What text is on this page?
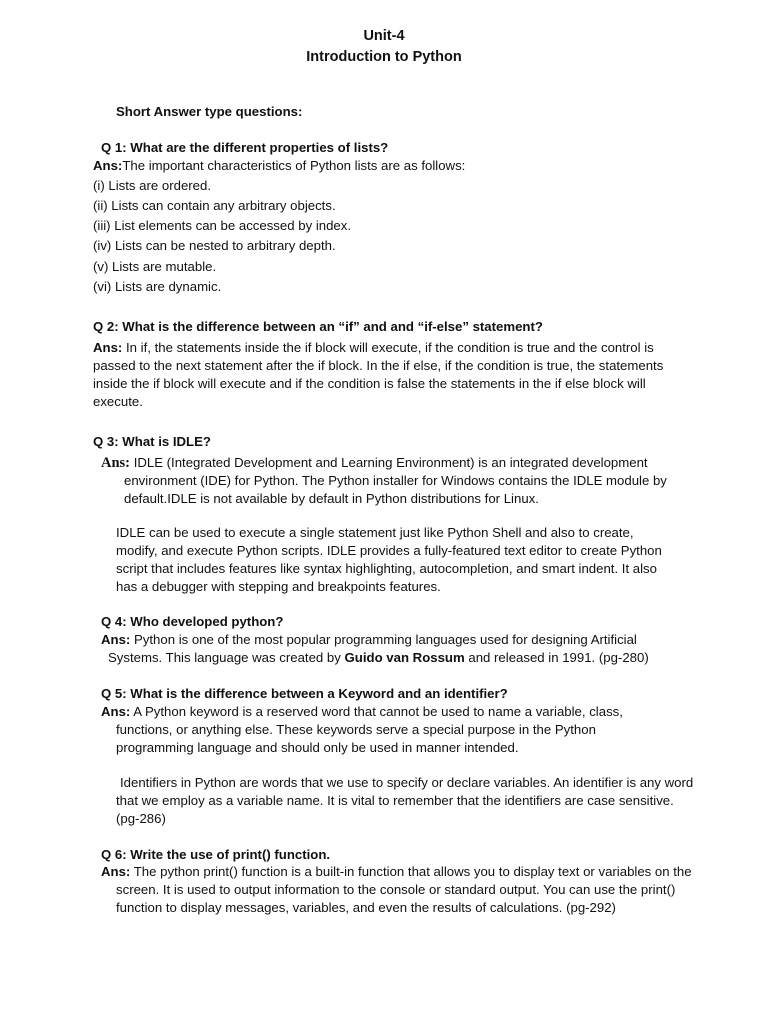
Unit-4
Introduction to Python
Short Answer type questions:
Q 1: What are the different properties of lists?
Ans:The important characteristics of Python lists are as follows:
(i) Lists are ordered.
(ii) Lists can contain any arbitrary objects.
(iii) List elements can be accessed by index.
(iv) Lists can be nested to arbitrary depth.
(v) Lists are mutable.
(vi) Lists are dynamic.
Q 2: What is the difference between an “if” and and “if-else” statement?

Ans: In if, the statements inside the if block will execute, if the condition is true and the control is passed to the next statement after the if block. In the if else, if the condition is true, the statements inside the if block will execute and if the condition is false the statements in the if else block will execute.

Q 3: What is IDLE?

Ans: IDLE (Integrated Development and Learning Environment) is an integrated development environment (IDE) for Python. The Python installer for Windows contains the IDLE module by default.IDLE is not available by default in Python distributions for Linux.

IDLE can be used to execute a single statement just like Python Shell and also to create, modify, and execute Python scripts. IDLE provides a fully-featured text editor to create Python script that includes features like syntax highlighting, autocompletion, and smart indent. It also has a debugger with stepping and breakpoints features.

Q 4: Who developed python?

Ans: Python is one of the most popular programming languages used for designing Artificial Systems. This language was created by Guido van Rossum and released in 1991. (pg-280)

Q 5: What is the difference between a Keyword and an identifier?

Ans: A Python keyword is a reserved word that cannot be used to name a variable, class, functions, or anything else. These keywords serve a special purpose in the Python programming language and should only be used in manner intended.

Identifiers in Python are words that we use to specify or declare variables. An identifier is any word that we employ as a variable name. It is vital to remember that the identifiers are case sensitive. (pg-286)

Q 6: Write the use of print() function.

Ans: The python print() function is a built-in function that allows you to display text or variables on the screen. It is used to output information to the console or standard output. You can use the print() function to display messages, variables, and even the results of calculations. (pg-292)
